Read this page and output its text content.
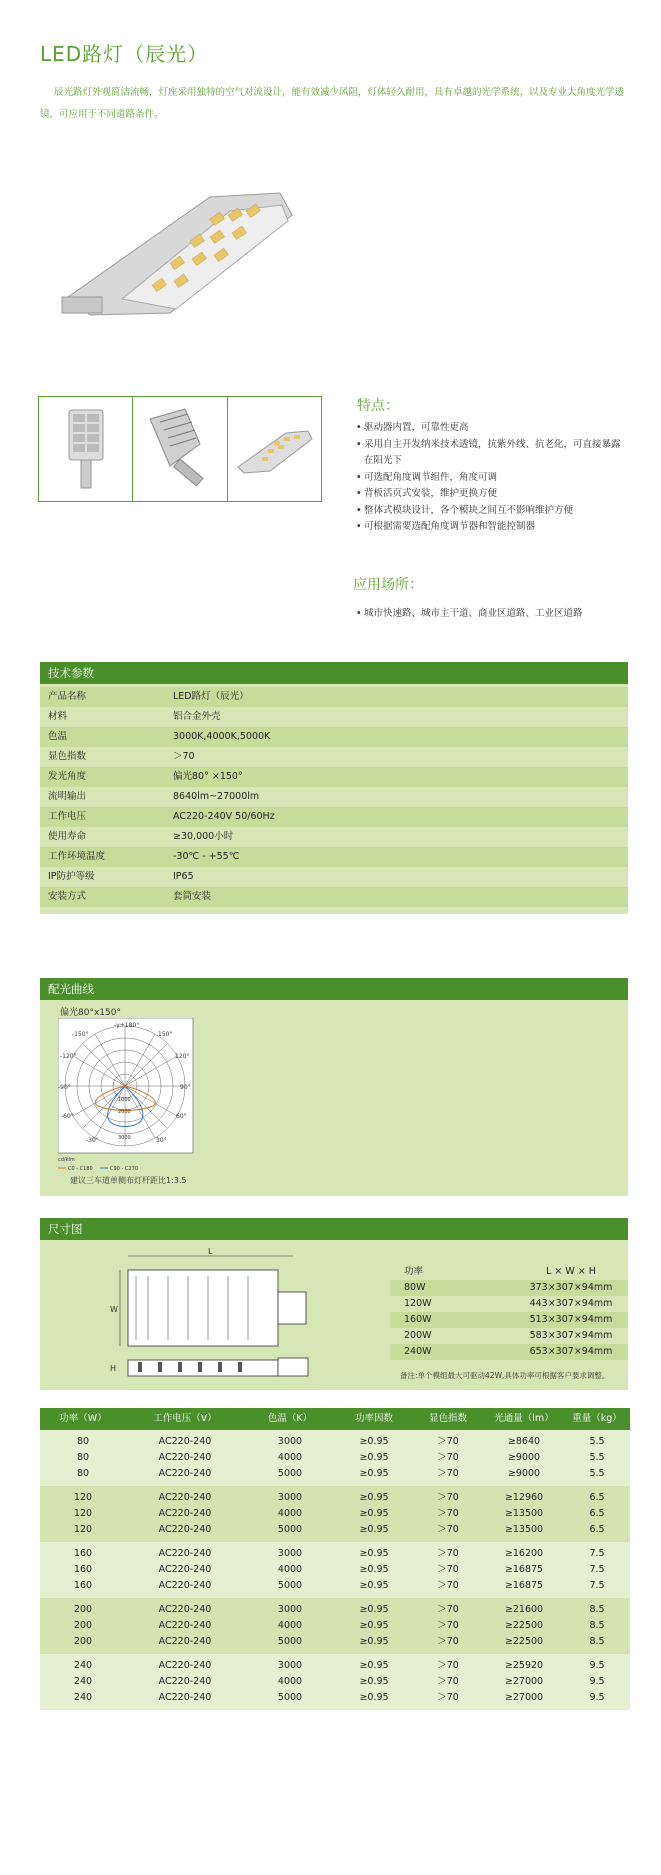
LED路灯（辰光）
辰光路灯外观简洁流畅，灯座采用独特的空气对流设计，能有效减少风阻，灯体轻久耐用，具有卓越的光学系统，以及专业大角度光学透镜，可应用于不同道路条件。
特点：
• 驱动器内置，可靠性更高
• 采用自主开发纳米技术透镜，抗紫外线、抗老化，可直接暴露在阳光下
• 可选配角度调节组件，角度可调
• 背板活页式安装，维护更换方便
• 整体式模块设计，各个模块之间互不影响维护方便
• 可根据需要选配角度调节器和智能控制器
应用场所：
• 城市快速路、城市主干道、商业区道路、工业区道路
技术参数
产品名称	LED路灯（辰光）
材料	铝合金外壳
色温	3000K,4000K,5000K
显色指数	＞70
发光角度	偏光80° ×150°
流明输出	8640lm~27000lm
工作电压	AC220-240V 50/60Hz
使用寿命	≥30,000小时
工作环境温度	-30℃ - +55℃
IP防护等级	IP65
安装方式	套筒安装
配光曲线
偏光80°x150°
-γ+180°
-150°	150°
-120°	120°
-90°	90°
-60°	60°
-30°	30°
1000
2000
3000
cd/klm
C0 - C180	C90 - C270
建议三车道单侧布灯杆距比1:3.5
尺寸图
L
W
H
功率	L × W × H
80W	373×307×94mm
120W	443×307×94mm
160W	513×307×94mm
200W	583×307×94mm
240W	653×307×94mm
备注:单个模组最大可驱动42W,具体功率可根据客户要求调整。
功率（W）	工作电压（V）	色温（K）	功率因数	显色指数	光通量（lm）	重量（kg）
80	AC220-240	3000	≥0.95	＞70	≥8640	5.5
80	AC220-240	4000	≥0.95	＞70	≥9000	5.5
80	AC220-240	5000	≥0.95	＞70	≥9000	5.5
120	AC220-240	3000	≥0.95	＞70	≥12960	6.5
120	AC220-240	4000	≥0.95	＞70	≥13500	6.5
120	AC220-240	5000	≥0.95	＞70	≥13500	6.5
160	AC220-240	3000	≥0.95	＞70	≥16200	7.5
160	AC220-240	4000	≥0.95	＞70	≥16875	7.5
160	AC220-240	5000	≥0.95	＞70	≥16875	7.5
200	AC220-240	3000	≥0.95	＞70	≥21600	8.5
200	AC220-240	4000	≥0.95	＞70	≥22500	8.5
200	AC220-240	5000	≥0.95	＞70	≥22500	8.5
240	AC220-240	3000	≥0.95	＞70	≥25920	9.5
240	AC220-240	4000	≥0.95	＞70	≥27000	9.5
240	AC220-240	5000	≥0.95	＞70	≥27000	9.5
